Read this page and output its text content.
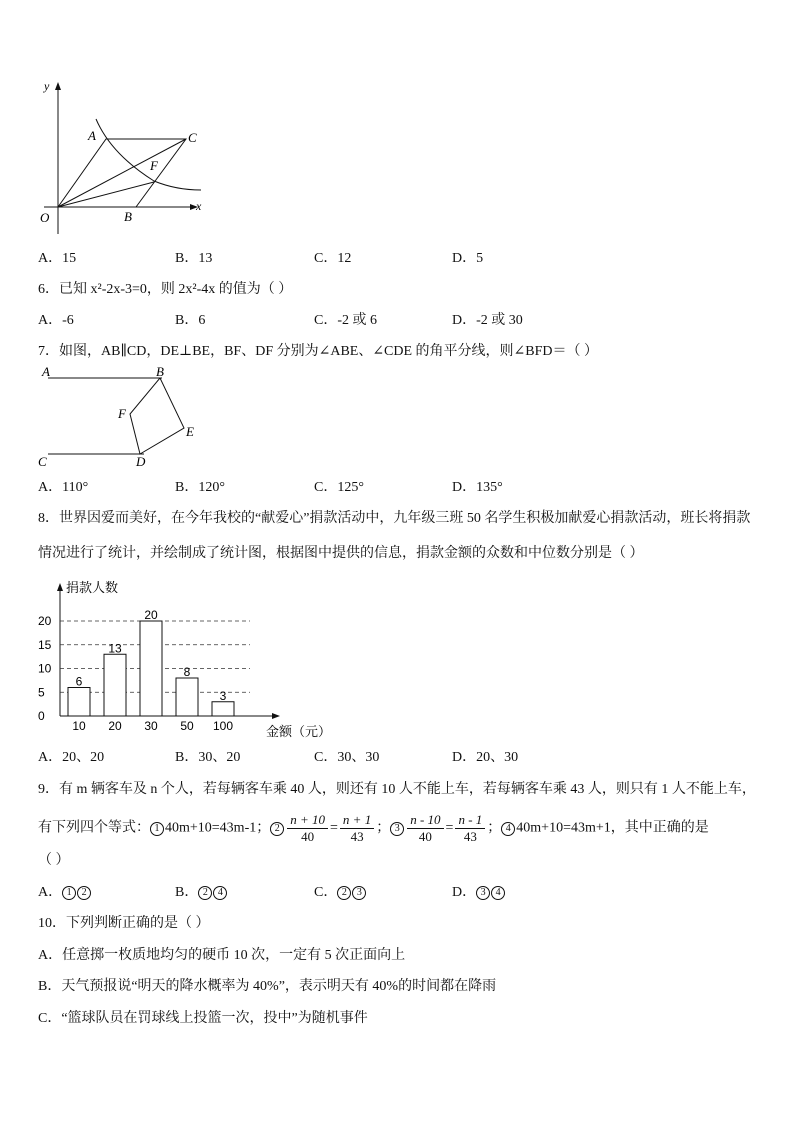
y
x
O
A	C
F
B
A．15	B．13	C．12	D．5
6．已知 x²-2x-3=0，则 2x²-4x 的值为（ ）
A．-6	B．6	C．-2 或 6	D．-2 或 30
7．如图，AB∥CD，DE⊥BE，BF、DF 分别为∠ABE、∠CDE 的角平分线，则∠BFD＝（ ）
A	B
F
E
C	D
A．110°	B．120°	C．125°	D．135°
8．世界因爱而美好，在今年我校的“献爱心”捐款活动中，九年级三班 50 名学生积极加献爱心捐款活动，班长将捐款
情况进行了统计，并绘制成了统计图，根据图中提供的信息，捐款金额的众数和中位数分别是（ ）
0
5
10
15
20
6
10
13
20
20
30
8
50
3
100
捐款人数
金额（元）
A．20、20	B．30、20	C．30、30	D．20、30
9．有 m 辆客车及 n 个人，若每辆客车乘 40 人，则还有 10 人不能上车，若每辆客车乘 43 人，则只有 1 人不能上车，
有下列四个等式： 1 40m+10=43m-1； $2 \frac{n + 10}{40} = \frac{n + 1}{43}$ ； $3 \frac{n - 10}{40} = \frac{n - 1}{43}$ ； 4 40m+10=43m+1，其中正确的是
（ ）
A． 1 2	B． 2 4	C． 2 3	D． 3 4
10．下列判断正确的是（ ）
A．任意掷一枚质地均匀的硬币 10 次，一定有 5 次正面向上
B．天气预报说“明天的降水概率为 40%”，表示明天有 40%的时间都在降雨
C．“篮球队员在罚球线上投篮一次，投中”为随机事件
